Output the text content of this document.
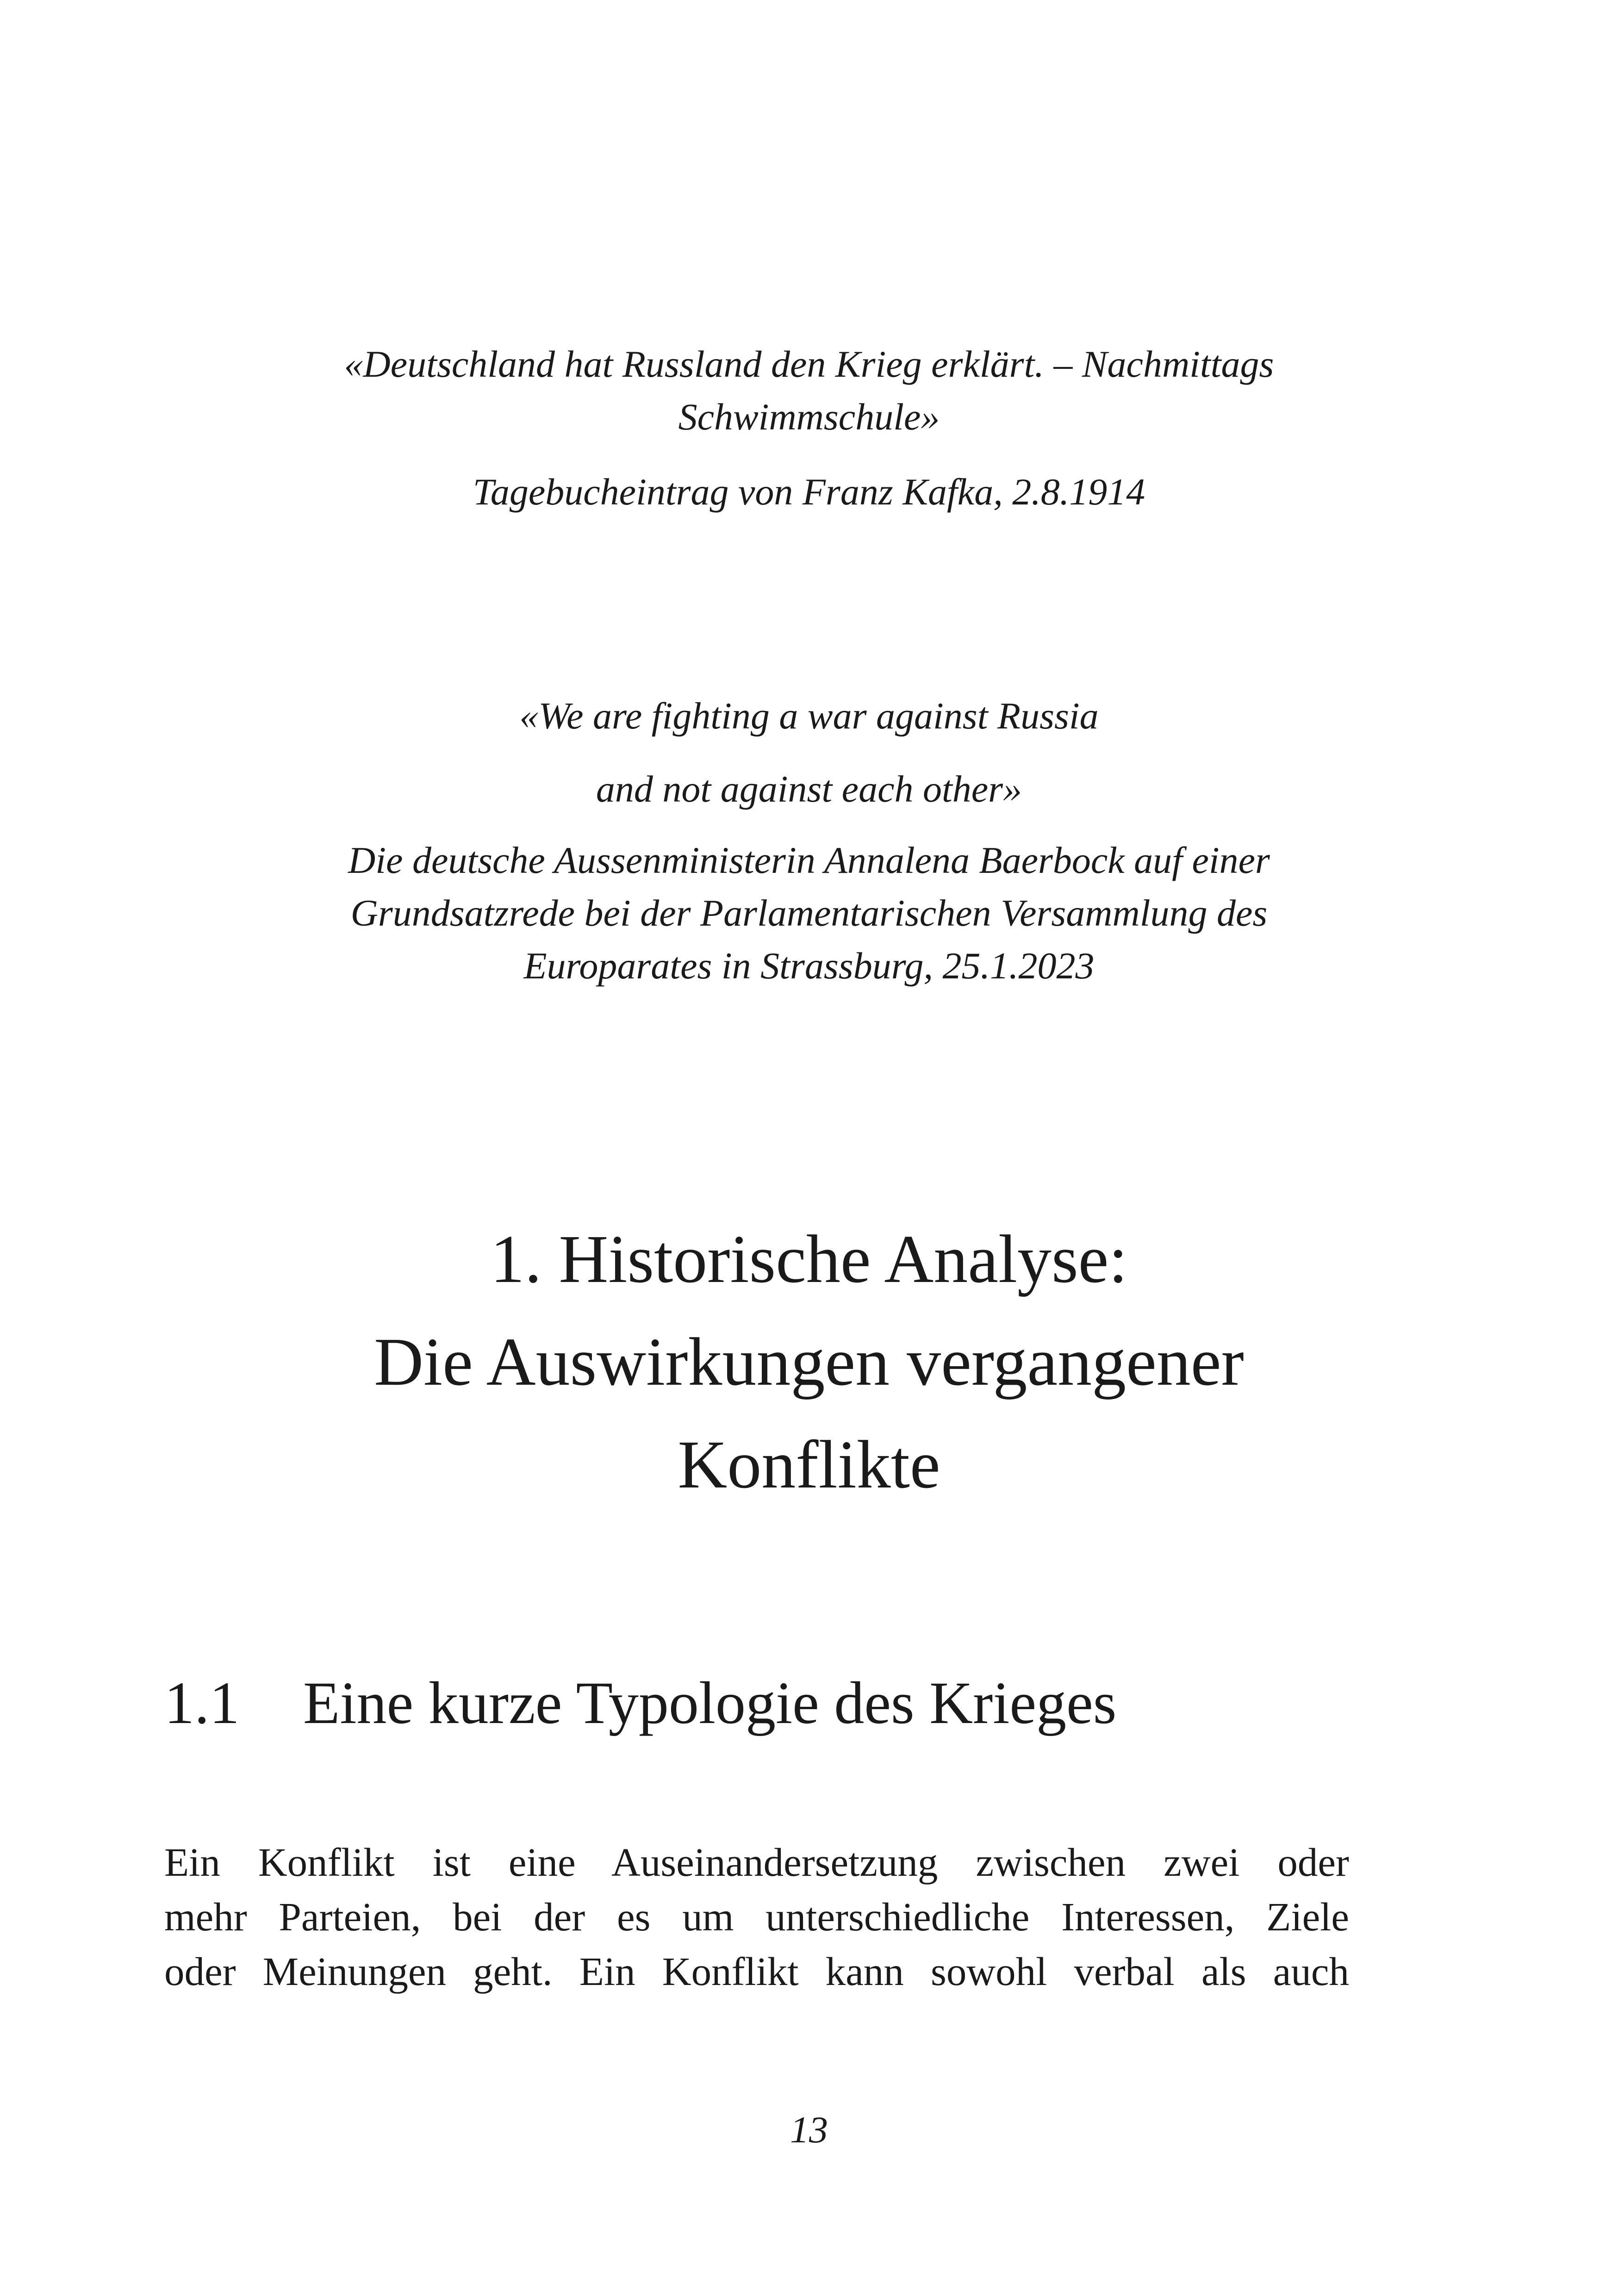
«Deutschland hat Russland den Krieg erklärt. – Nachmittags

Schwimmschule»

Tagebucheintrag von Franz Kafka, 2.8.1914

«We are fighting a war against Russia

and not against each other»

Die deutsche Aussenministerin Annalena Baerbock auf einer

Grundsatzrede bei der Parlamentarischen Versammlung des

Europarates in Strassburg, 25.1.2023

1. Historische Analyse:

Die Auswirkungen vergangener

Konflikte

1.1 Eine kurze Typologie des Krieges
Ein Konflikt ist eine Auseinandersetzung zwischen zwei oder
mehr Parteien, bei der es um unterschiedliche Interessen, Ziele
oder Meinungen geht. Ein Konflikt kann sowohl verbal als auch
13
